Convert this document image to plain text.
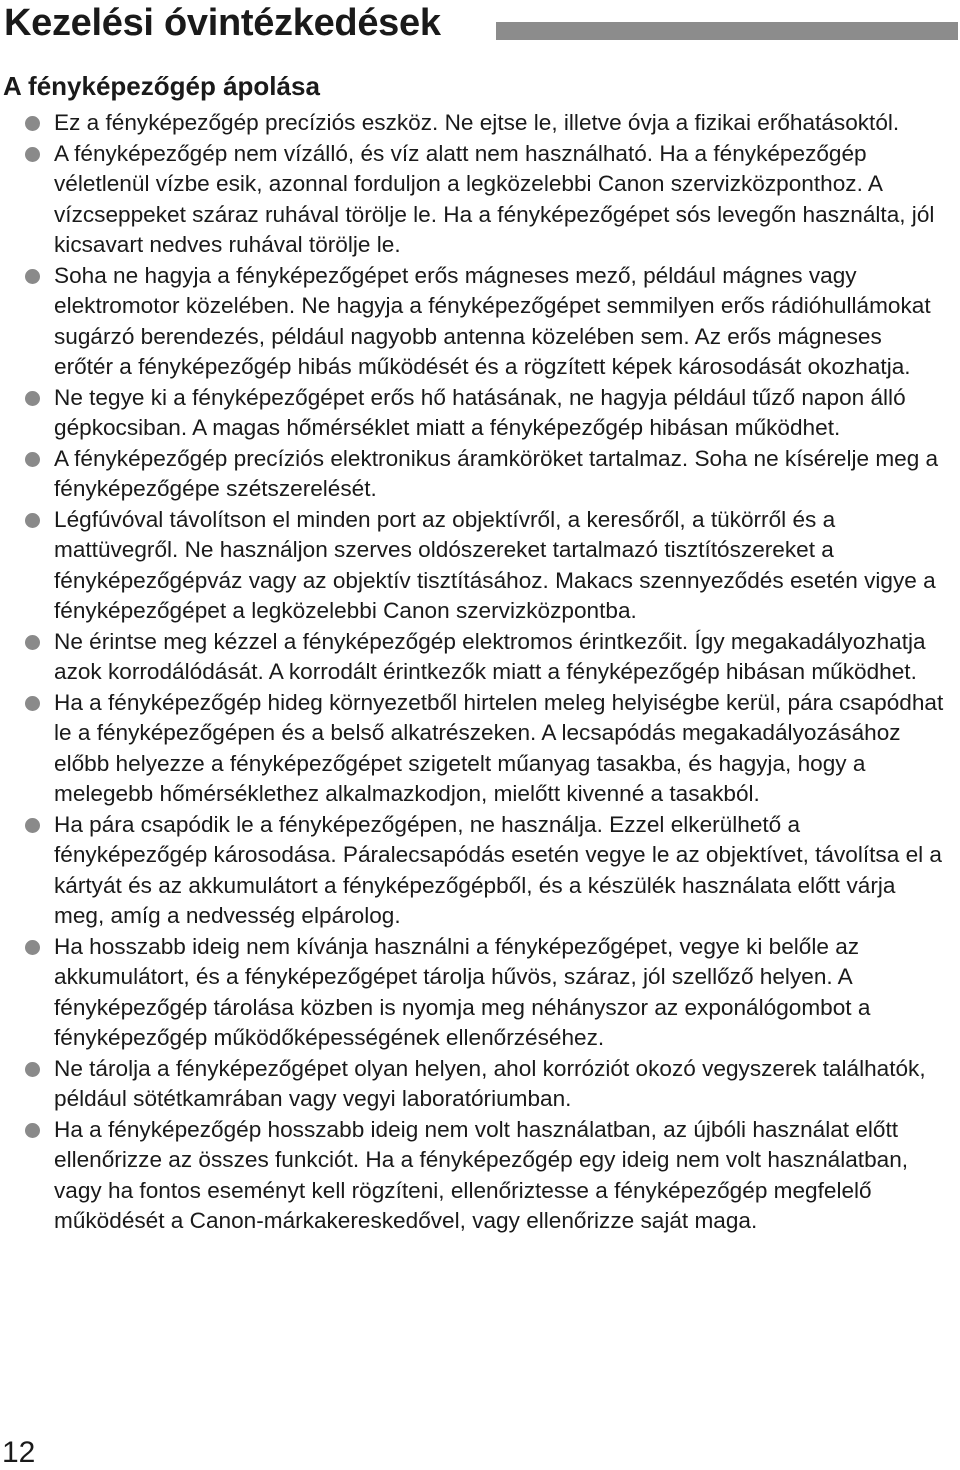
Kezelési óvintézkedések
A fényképezőgép ápolása
Ez a fényképezőgép precíziós eszköz. Ne ejtse le, illetve óvja a fizikai erőhatásoktól.
A fényképezőgép nem vízálló, és víz alatt nem használható. Ha a fényképezőgép véletlenül vízbe esik, azonnal forduljon a legközelebbi Canon szervizközponthoz. A vízcseppeket száraz ruhával törölje le. Ha a fényképezőgépet sós levegőn használta, jól kicsavart nedves ruhával törölje le.
Soha ne hagyja a fényképezőgépet erős mágneses mező, például mágnes vagy elektromotor közelében. Ne hagyja a fényképezőgépet semmilyen erős rádióhullámokat sugárzó berendezés, például nagyobb antenna közelében sem. Az erős mágneses erőtér a fényképezőgép hibás működését és a rögzített képek károsodását okozhatja.
Ne tegye ki a fényképezőgépet erős hő hatásának, ne hagyja például tűző napon álló gépkocsiban. A magas hőmérséklet miatt a fényképezőgép hibásan működhet.
A fényképezőgép precíziós elektronikus áramköröket tartalmaz. Soha ne kísérelje meg a fényképezőgépe szétszerelését.
Légfúvóval távolítson el minden port az objektívről, a keresőről, a tükörről és a mattüvegről. Ne használjon szerves oldószereket tartalmazó tisztítószereket a fényképezőgépváz vagy az objektív tisztításához. Makacs szennyeződés esetén vigye a fényképezőgépet a legközelebbi Canon szervizközpontba.
Ne érintse meg kézzel a fényképezőgép elektromos érintkezőit. Így megakadályozhatja azok korrodálódását. A korrodált érintkezők miatt a fényképezőgép hibásan működhet.
Ha a fényképezőgép hideg környezetből hirtelen meleg helyiségbe kerül, pára csapódhat le a fényképezőgépen és a belső alkatrészeken. A lecsapódás megakadályozásához előbb helyezze a fényképezőgépet szigetelt műanyag tasakba, és hagyja, hogy a melegebb hőmérséklethez alkalmazkodjon, mielőtt kivenné a tasakból.
Ha pára csapódik le a fényképezőgépen, ne használja. Ezzel elkerülhető a fényképezőgép károsodása. Páralecsapódás esetén vegye le az objektívet, távolítsa el a kártyát és az akkumulátort a fényképezőgépből, és a készülék használata előtt várja meg, amíg a nedvesség elpárolog.
Ha hosszabb ideig nem kívánja használni a fényképezőgépet, vegye ki belőle az akkumulátort, és a fényképezőgépet tárolja hűvös, száraz, jól szellőző helyen. A fényképezőgép tárolása közben is nyomja meg néhányszor az exponálógombot a fényképezőgép működőképességének ellenőrzéséhez.
Ne tárolja a fényképezőgépet olyan helyen, ahol korróziót okozó vegyszerek találhatók, például sötétkamrában vagy vegyi laboratóriumban.
Ha a fényképezőgép hosszabb ideig nem volt használatban, az újbóli használat előtt ellenőrizze az összes funkciót. Ha a fényképezőgép egy ideig nem volt használatban, vagy ha fontos eseményt kell rögzíteni, ellenőriztesse a fényképezőgép megfelelő működését a Canon-márkakereskedővel, vagy ellenőrizze saját maga.
12
